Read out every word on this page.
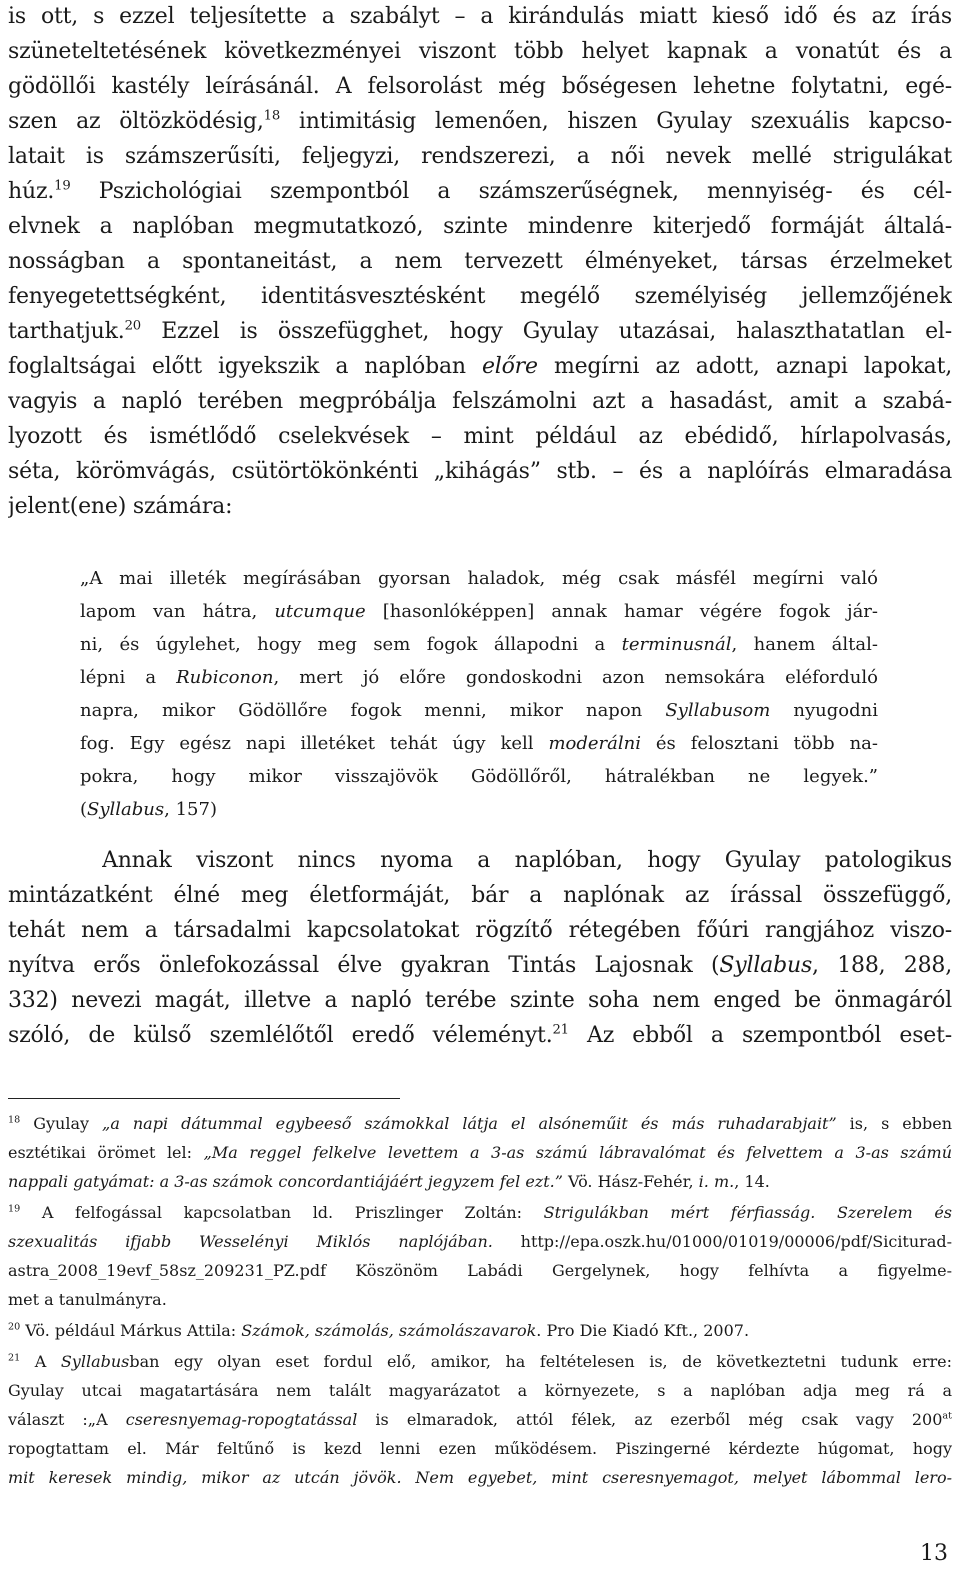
is ott, s ezzel teljesítette a szabályt – a kirándulás miatt kieső idő és az írás
szüneteltetésének következményei viszont több helyet kapnak a vonatút és a
gödöllői kastély leírásánál. A felsorolást még bőségesen lehetne folytatni, egé-
szen az öltözködésig,$^{18}$ intimitásig lemenően, hiszen Gyulay szexuális kapcso-
latait is számszerűsíti, feljegyzi, rendszerezi, a női nevek mellé strigulákat
húz.$^{19}$ Pszichológiai szempontból a számszerűségnek, mennyiség- és cél-
elvnek a naplóban megmutatkozó, szinte mindenre kiterjedő formáját általá-
nosságban a spontaneitást, a nem tervezett élményeket, társas érzelmeket
fenyegetettségként, identitásvesztésként megélő személyiség jellemzőjének
tarthatjuk.$^{20}$ Ezzel is összefügghet, hogy Gyulay utazásai, halaszthatatlan el-
foglaltságai előtt igyekszik a naplóban előre megírni az adott, aznapi lapokat,
vagyis a napló terében megpróbálja felszámolni azt a hasadást, amit a szabá-
lyozott és ismétlődő cselekvések – mint például az ebédidő, hírlapolvasás,
séta, körömvágás, csütörtökönkénti „kihágás” stb. – és a naplóírás elmaradása
jelent(ene) számára:
„A mai illeték megírásában gyorsan haladok, még csak másfél megírni való
lapom van hátra, utcumque [hasonlóképpen] annak hamar végére fogok jár-
ni, és úgylehet, hogy meg sem fogok állapodni a terminusnál, hanem által-
lépni a Rubiconon, mert jó előre gondoskodni azon nemsokára eléforduló
napra, mikor Gödöllőre fogok menni, mikor napon Syllabusom nyugodni
fog. Egy egész napi illetéket tehát úgy kell moderálni és felosztani több na-
pokra, hogy mikor visszajövök Gödöllőről, hátralékban ne legyek.”
(Syllabus, 157)
Annak viszont nincs nyoma a naplóban, hogy Gyulay patologikus
mintázatként élné meg életformáját, bár a naplónak az írással összefüggő,
tehát nem a társadalmi kapcsolatokat rögzítő rétegében főúri rangjához viszo-
nyítva erős önlefokozással élve gyakran Tintás Lajosnak (Syllabus, 188, 288,
332) nevezi magát, illetve a napló terébe szinte soha nem enged be önmagáról
szóló, de külső szemlélőtől eredő véleményt.$^{21}$ Az ebből a szempontból eset-
$^{18}$ Gyulay „a napi dátummal egybeeső számokkal látja el alsóneműit és más ruhadarabjait” is, s ebben
esztétikai örömet lel: „Ma reggel felkelve levettem a 3-as számú lábravalómat és felvettem a 3-as számú
nappali gatyámat: a 3-as számok concordantiájáért jegyzem fel ezt.” Vö. Hász-Fehér, i. m., 14.
$^{19}$ A felfogással kapcsolatban ld. Priszlinger Zoltán: Strigulákban mért férfiasság. Szerelem és
szexualitás ifjabb Wesselényi Miklós naplójában. http://epa.oszk.hu/01000/01019/00006/pdf/Siciturad-
astra_2008_19evf_58sz_209231_PZ.pdf Köszönöm Labádi Gergelynek, hogy felhívta a figyelme-
met a tanulmányra.
$^{20}$ Vö. például Márkus Attila: Számok, számolás, számolászavarok. Pro Die Kiadó Kft., 2007.
$^{21}$ A Syllabusban egy olyan eset fordul elő, amikor, ha feltételesen is, de következtetni tudunk erre:
Gyulay utcai magatartására nem talált magyarázatot a környezete, s a naplóban adja meg rá a
választ :„A cseresnyemag-ropogtatással is elmaradok, attól félek, az ezerből még csak vagy $200^{at}$
ropogtattam el. Már feltűnő is kezd lenni ezen működésem. Piszingerné kérdezte húgomat, hogy
mit keresek mindig, mikor az utcán jövök. Nem egyebet, mint cseresnyemagot, melyet lábommal lero-
13
